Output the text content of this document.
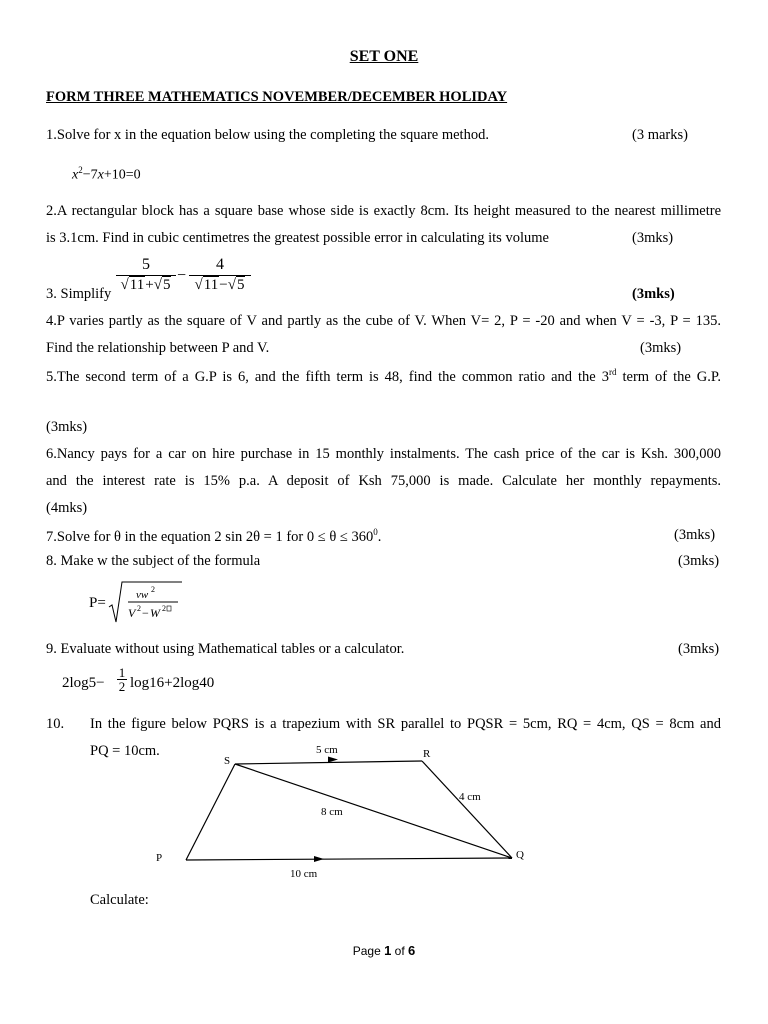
SET ONE
FORM THREE MATHEMATICS NOVEMBER/DECEMBER HOLIDAY
1.Solve for x in the equation below using the completing the square method.	(3 marks)
$x^2-7x+10=0$
2.A rectangular block has a square base whose side is exactly 8cm. Its height measured to the nearest millimetre
is 3.1cm. Find in cubic centimetres the greatest possible error in calculating its volume	(3mks)
3. Simplify
5
√11+√5
−
4
√11−√5
(3mks)
4.P varies partly as the square of V and partly as the cube of V. When V= 2, P = -20 and when V = -3, P = 135.
Find the relationship between P and V.	(3mks)
5.The second term of a G.P is 6, and the fifth term is 48, find the common ratio and the 3rd term of the G.P.
(3mks)
6.Nancy pays for a car on hire purchase in 15 monthly instalments. The cash price of the car is Ksh. 300,000
and the interest rate is 15% p.a. A deposit of Ksh 75,000 is made. Calculate her monthly repayments.
(4mks)
7.Solve for θ in the equation 2 sin 2θ = 1 for $0 \le \theta \le 360^0$.	(3mks)
8. Make w the subject of the formula	(3mks)
P=	vw 2
V 2 − W 2
9. Evaluate without using Mathematical tables or a calculator.	(3mks)
2log5−
1
2 log16+2log40
10. In the figure below PQRS is a trapezium with SR parallel to PQSR = 5cm, RQ = 4cm, QS = 8cm and
PQ = 10cm.
S
R
P	Q
5 cm
4 cm
8 cm
10 cm
Calculate:
Page 1 of 6
